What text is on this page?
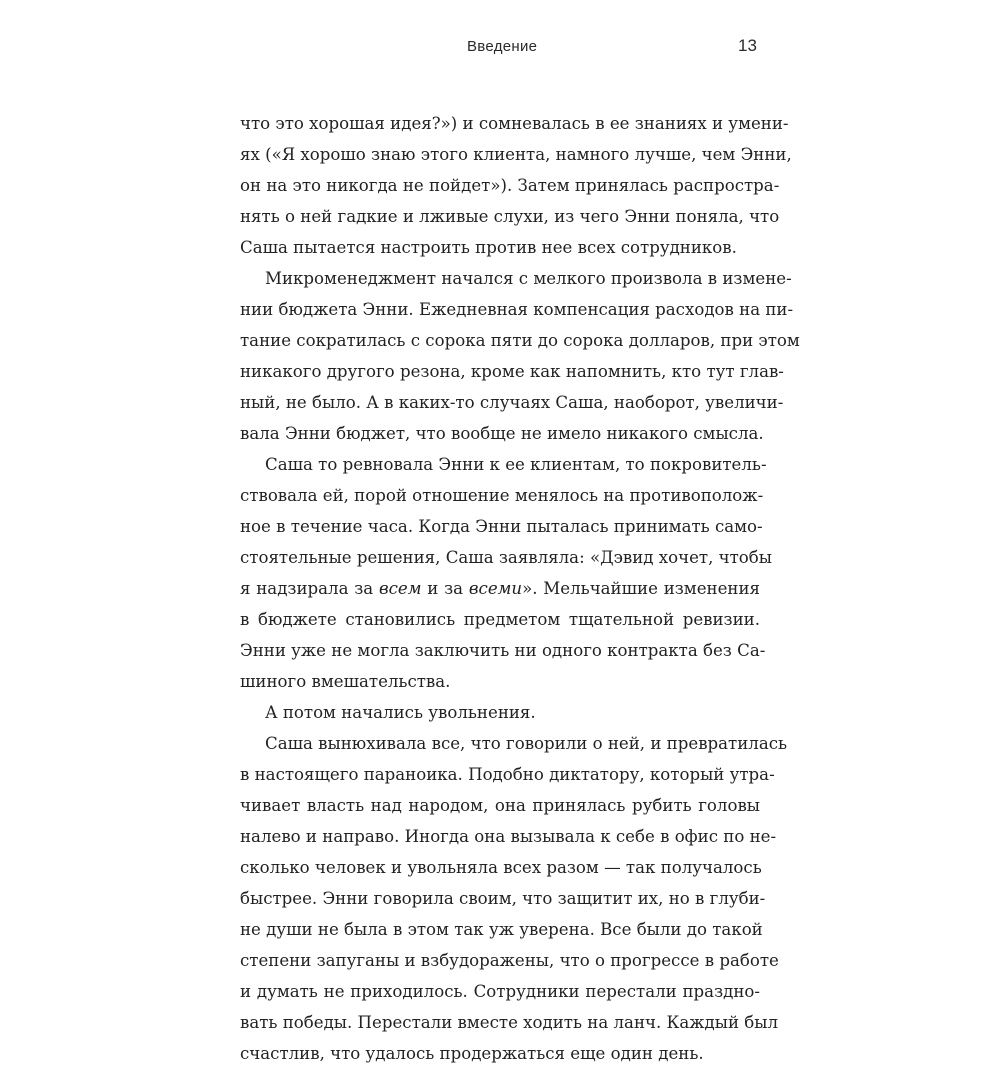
Введение	13
что это хорошая идея?») и сомневалась в ее знаниях и умени-
ях («Я хорошо знаю этого клиента, намного лучше, чем Энни,
он на это никогда не пойдет»). Затем принялась распростра-
нять о ней гадкие и лживые слухи, из чего Энни поняла, что
Саша пытается настроить против нее всех сотрудников.
Микроменеджмент начался с мелкого произвола в измене-
нии бюджета Энни. Ежедневная компенсация расходов на пи-
тание сократилась с сорока пяти до сорока долларов, при этом
никакого другого резона, кроме как напомнить, кто тут глав-
ный, не было. А в каких-то случаях Саша, наоборот, увеличи-
вала Энни бюджет, что вообще не имело никакого смысла.
Саша то ревновала Энни к ее клиентам, то покровитель-
ствовала ей, порой отношение менялось на противополож-
ное в течение часа. Когда Энни пыталась принимать само-
стоятельные решения, Саша заявляла: «Дэвид хочет, чтобы
я надзирала за всем и за всеми». Мельчайшие изменения
в бюджете становились предметом тщательной ревизии.
Энни уже не могла заключить ни одного контракта без Са-
шиного вмешательства.
А потом начались увольнения.
Саша вынюхивала все, что говорили о ней, и превратилась
в настоящего параноика. Подобно диктатору, который утра-
чивает власть над народом, она принялась рубить головы
налево и направо. Иногда она вызывала к себе в офис по не-
сколько человек и увольняла всех разом — так получалось
быстрее. Энни говорила своим, что защитит их, но в глуби-
не души не была в этом так уж уверена. Все были до такой
степени запуганы и взбудоражены, что о прогрессе в работе
и думать не приходилось. Сотрудники перестали праздно-
вать победы. Перестали вместе ходить на ланч. Каждый был
счастлив, что удалось продержаться еще один день.
